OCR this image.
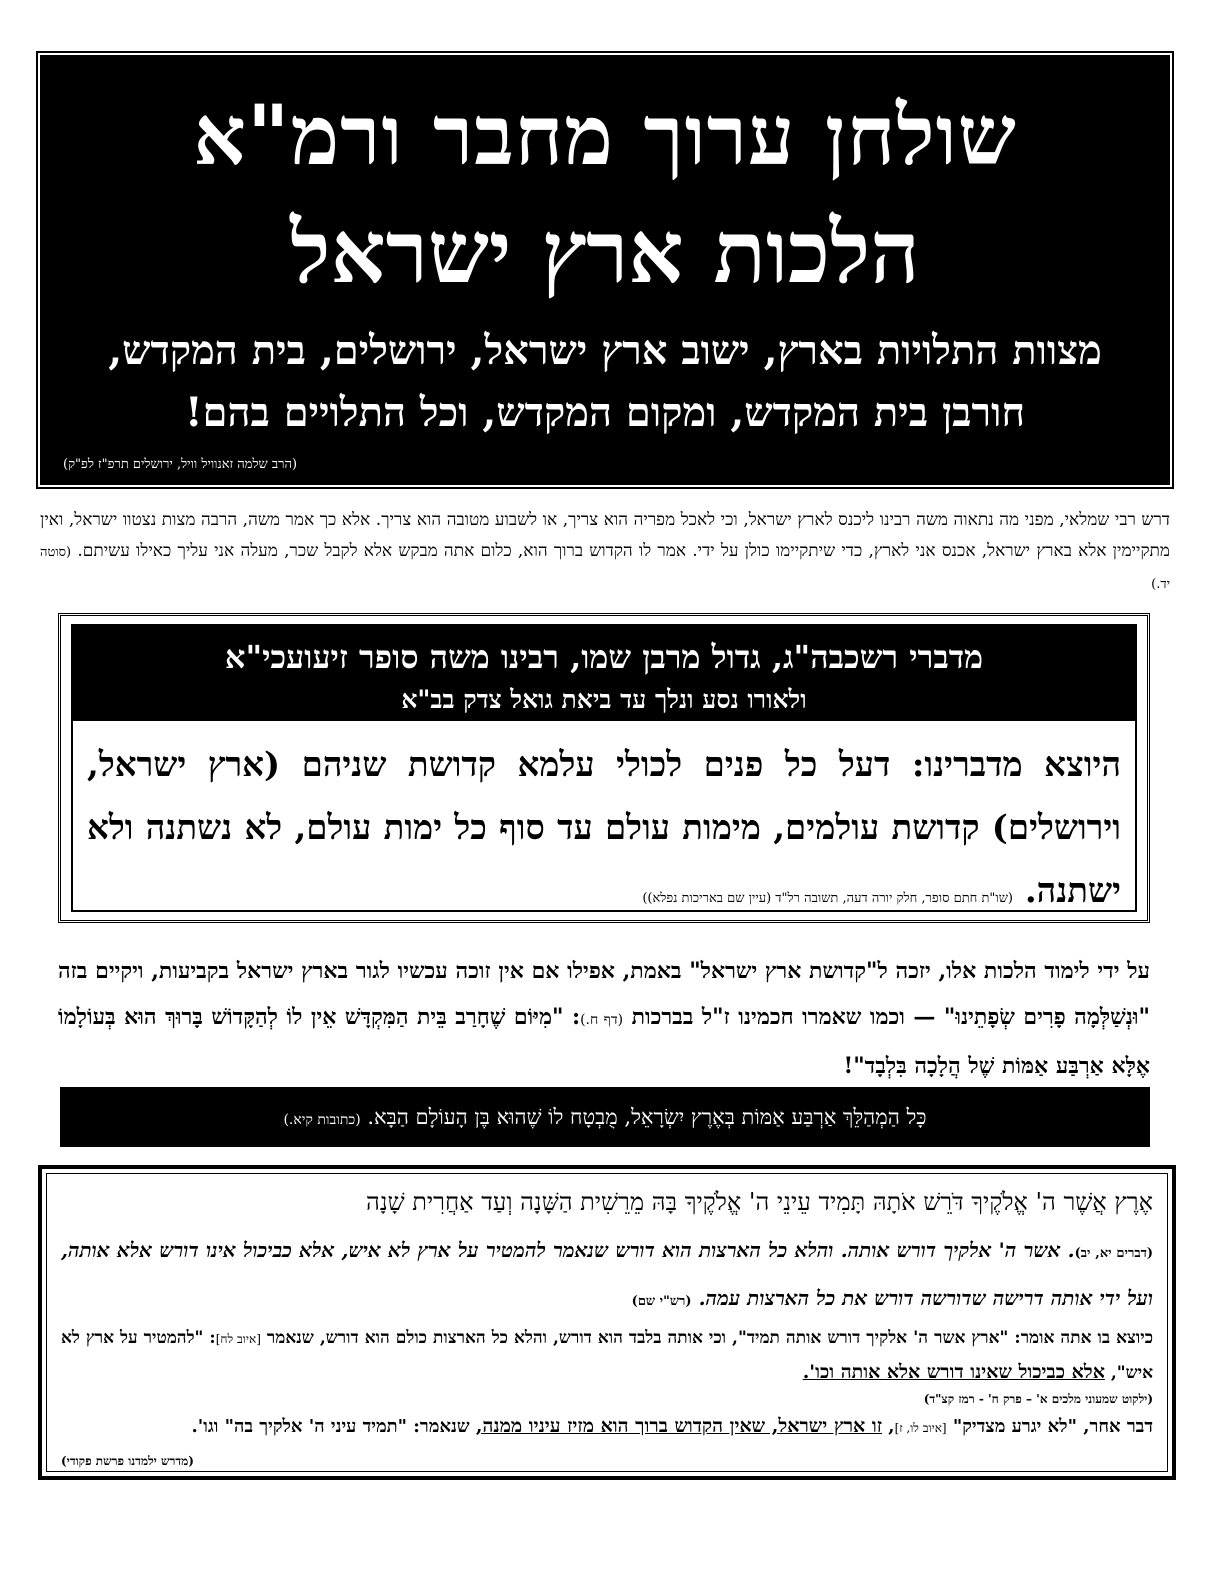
שולחן ערוך מחבר ורמ"א
הלכות ארץ ישראל
מצוות התלויות בארץ, ישוב ארץ ישראל, ירושלים, בית המקדש, חורבן בית המקדש, ומקום המקדש, וכל התלויים בהם!
(הרב שלמה זאנוויל וויל, ירושלים תרפ"ז לפ"ק)
דרש רבי שמלאי, מפני מה נתאוה משה רבינו ליכנס לארץ ישראל, וכי לאכל מפריה הוא צריך, או לשבוע מטובה הוא צריך. אלא כך אמר משה, הרבה מצות נצטוו ישראל, ואין מתקיימין אלא בארץ ישראל, אכנס אני לארץ, כדי שיתקיימו כולן על ידי. אמר לו הקדוש ברוך הוא, כלום אתה מבקש אלא לקבל שכר, מעלה אני עליך כאילו עשיתם. (סוטה יד.)
מדברי רשכבה"ג, גדול מרבן שמו, רבינו משה סופר זיעועכי"א
ולאורו נסע ונלך עד ביאת גואל צדק בב"א
היוצא מדברינו: דעל כל פנים לכולי עלמא קדושת שניהם (ארץ ישראל, וירושלים) קדושת עולמים, מימות עולם עד סוף כל ימות עולם, לא נשתנה ולא ישתנה. (שו"ת חתם סופר, חלק יורה דעה, תשובה רל"ד (עיין שם באריכות נפלא))
על ידי לימוד הלכות אלו, יזכה ל"קדושת ארץ ישראל" באמת, אפילו אם אין זוכה עכשיו לגור בארץ ישראל בקביעות, ויקיים בזה "וּנְשַׁלְּמָה פָרִים שְׂפָתֵינוּ" — וכמו שאמרו חכמינו ז"ל בברכות (דף ח.): "מִיּוֹם שֶׁחָרַב בֵּית הַמִּקְדָּשׁ אֵין לוֹ לְהַקָּדוֹשׁ בָּרוּךְ הוּא בְּעוֹלָמוֹ אֶלָּא אַרְבַּע אַמּוֹת שֶׁל הֲלָכָה בִּלְבָד"!
כָּל הַמְהַלֵּךְ אַרְבַּע אַמּוֹת בְּאֶרֶץ יִשְׂרָאֵל, מֻבְטָח לוֹ שֶׁהוּא בֶּן הָעוֹלָם הַבָּא. (כתובות קיא.)
אֶרֶץ אֲשֶׁר ה' אֱלֹקֶיךָ דֹּרֵשׁ אֹתָהּ תָּמִיד עֵינֵי ה' אֱלֹקֶיךָ בָּהּ מֵרֵשִׁית הַשָּׁנָה וְעַד אַחֲרִית שָׁנָה
(דברים יא, יב). אשר ה' אלקיך דורש אותה. והלא כל הארצות הוא דורש שנאמר להמטיר על ארץ לא איש, אלא כביכול אינו דורש אלא אותה, ועל ידי אותה דרישה שדורשה דורש את כל הארצות עמה. (רש"י שם)
כיוצא בו אתה אומר: "ארץ אשר ה' אלקיך דורש אותה תמיד", וכי אותה בלבד הוא דורש, והלא כל הארצות כולם הוא דורש, שנאמר [איוב לח]: "להמטיר על ארץ לא איש", אלא כביכול שאינו דורש אלא אותה וכו'.
(ילקוט שמעוני מלכים א' – פרק ח' - רמז קצ"ד)
דבר אחר, "לא יגרע מצדיק" [איוב לו, ז], זו ארץ ישראל, שאין הקדוש ברוך הוא מזיז עיניו ממנה, שנאמר: "תמיד עיני ה' אלקיך בה" וגו'.
(מדרש ילמדנו פרשת פקודי)
